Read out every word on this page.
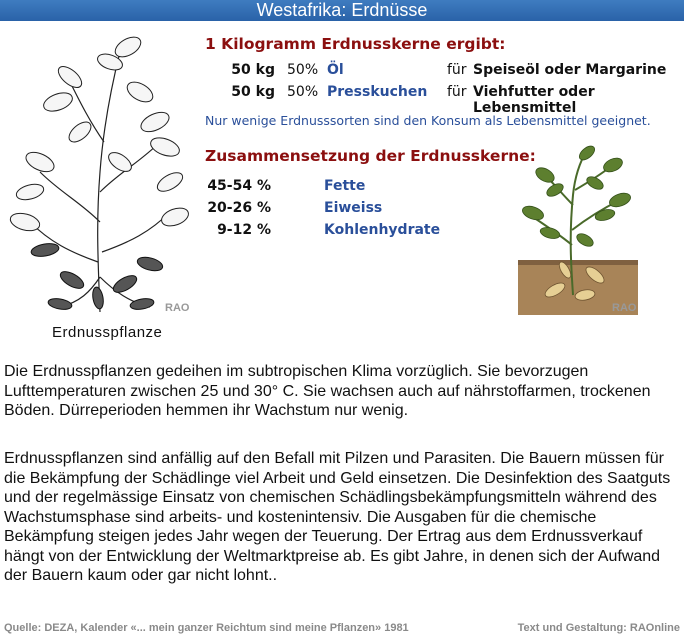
Westafrika: Erdnüsse
RAO
Erdnusspflanze
1 Kilogramm Erdnusskerne ergibt:
50 kg 50% Öl	für Speiseöl oder Margarine
50 kg 50% Presskuchen für Viehfutter oder Lebensmittel
Nur wenige Erdnusssorten sind den Konsum als Lebensmittel geeignet.
Zusammensetzung der Erdnusskerne:
45-54 %	Fette
20-26 %	Eiweiss
9-12 %	Kohlenhydrate
RAO

Die Erdnusspflanzen gedeihen im subtropischen Klima vorzüglich. Sie bevorzugen Lufttemperaturen zwischen 25 und 30° C. Sie wachsen auch auf nährstoffarmen, trockenen Böden. Dürreperioden hemmen ihr Wachstum nur wenig.

Erdnusspflanzen sind anfällig auf den Befall mit Pilzen und Parasiten. Die Bauern müssen für die Bekämpfung der Schädlinge viel Arbeit und Geld einsetzen. Die Desinfektion des Saatguts und der regelmässige Einsatz von chemischen Schädlingsbekämpfungsmitteln während des Wachstumsphase sind arbeits- und kostenintensiv. Die Ausgaben für die chemische Bekämpfung steigen jedes Jahr wegen der Teuerung. Der Ertrag aus dem Erdnussverkauf hängt von der Entwicklung der Weltmarktpreise ab. Es gibt Jahre, in denen sich der Aufwand der Bauern kaum oder gar nicht lohnt..

Quelle: DEZA, Kalender «... mein ganzer Reichtum sind meine Pflanzen» 1981	Text und Gestaltung: RAOnline
